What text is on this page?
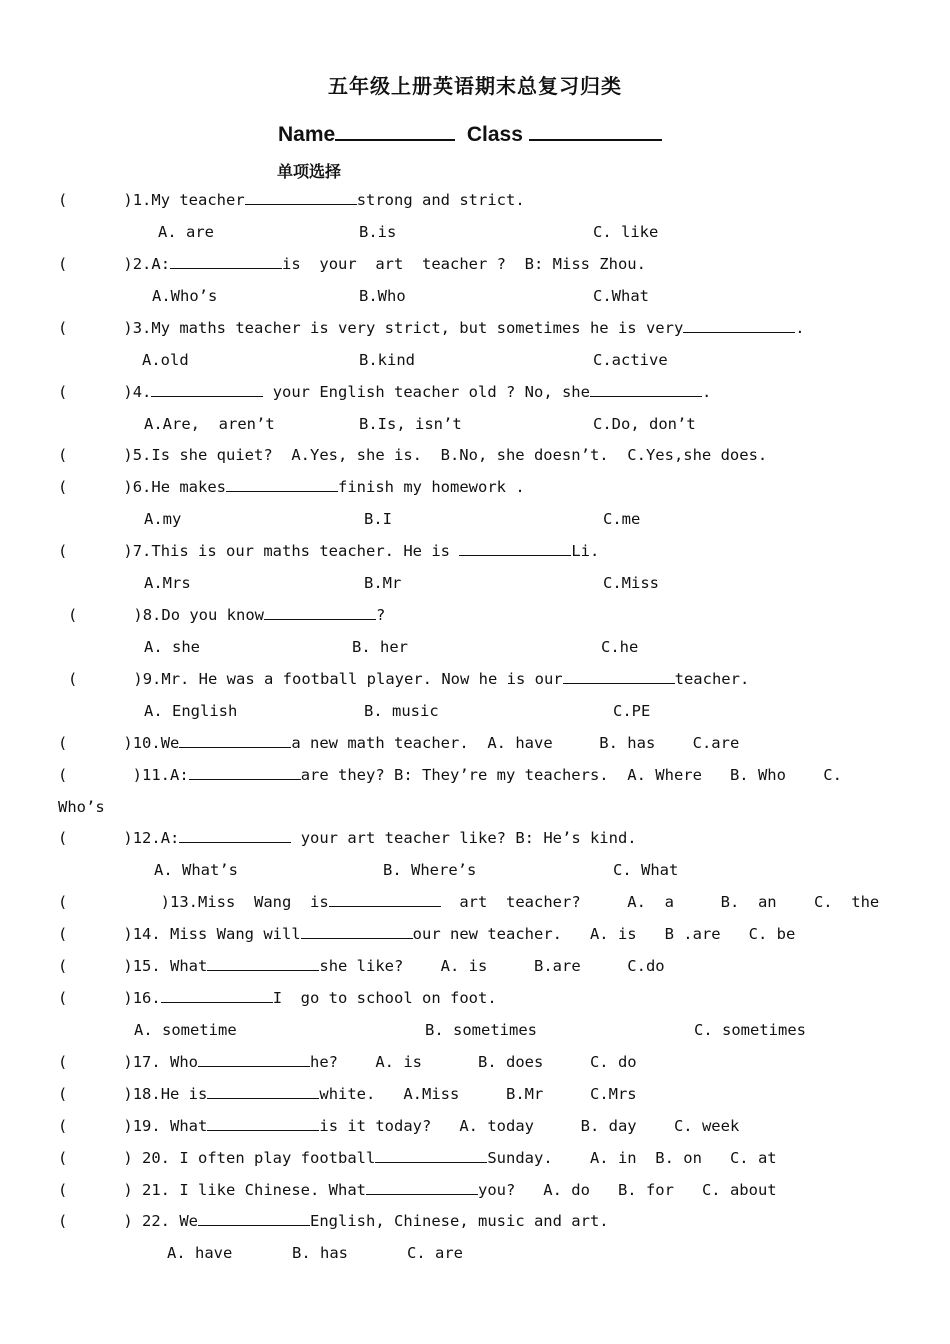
五年级上册英语期末总复习归类
Name	Class
单项选择
(	)1.My teacher	strong and strict.
A. are	B.is	C. like
(	)2.A:	is  your  art  teacher ?  B: Miss Zhou.
A.Who’s	B.Who	C.What
(	)3.My maths teacher is very strict, but sometimes he is very	.
A.old	B.kind	C.active
(	)4.	your English teacher old ? No, she	.
A.Are,  aren’t	B.Is, isn’t	C.Do, don’t
(	)5.Is she quiet?  A.Yes, she is.  B.No, she doesn’t.  C.Yes,she does.
(	)6.He makes	finish my homework .
A.my	B.I	C.me
(	)7.This is our maths teacher. He is	Li.
A.Mrs	B.Mr	C.Miss
(	)8.Do you know	?
A. she	B. her	C.he
(	)9.Mr. He was a football player. Now he is our	teacher.
A. English	B. music	C.PE
(	)10.We	a new math teacher.  A. have     B. has    C.are
(	)11.A:	are they? B: They’re my teachers.  A. Where   B. Who    C.
Who’s
(	)12.A:	your art teacher like? B: He’s kind.
A. What’s	B. Where’s	C. What
(	)13.Miss  Wang  is	art  teacher?     A.  a     B.  an    C.  the
(	)14. Miss Wang will	our new teacher.   A. is   B .are   C. be
(	)15. What	she like?    A. is     B.are     C.do
(	)16.	I  go to school on foot.
A. sometime	B. sometimes	C. sometimes
(	)17. Who	he?    A. is      B. does     C. do
(	)18.He is	white.   A.Miss     B.Mr     C.Mrs
(	)19. What	is it today?   A. today     B. day    C. week
(	) 20. I often play football	Sunday.    A. in  B. on   C. at
(	) 21. I like Chinese. What	you?   A. do   B. for   C. about
(	) 22. We	English, Chinese, music and art.
A. have	B. has	C. are
